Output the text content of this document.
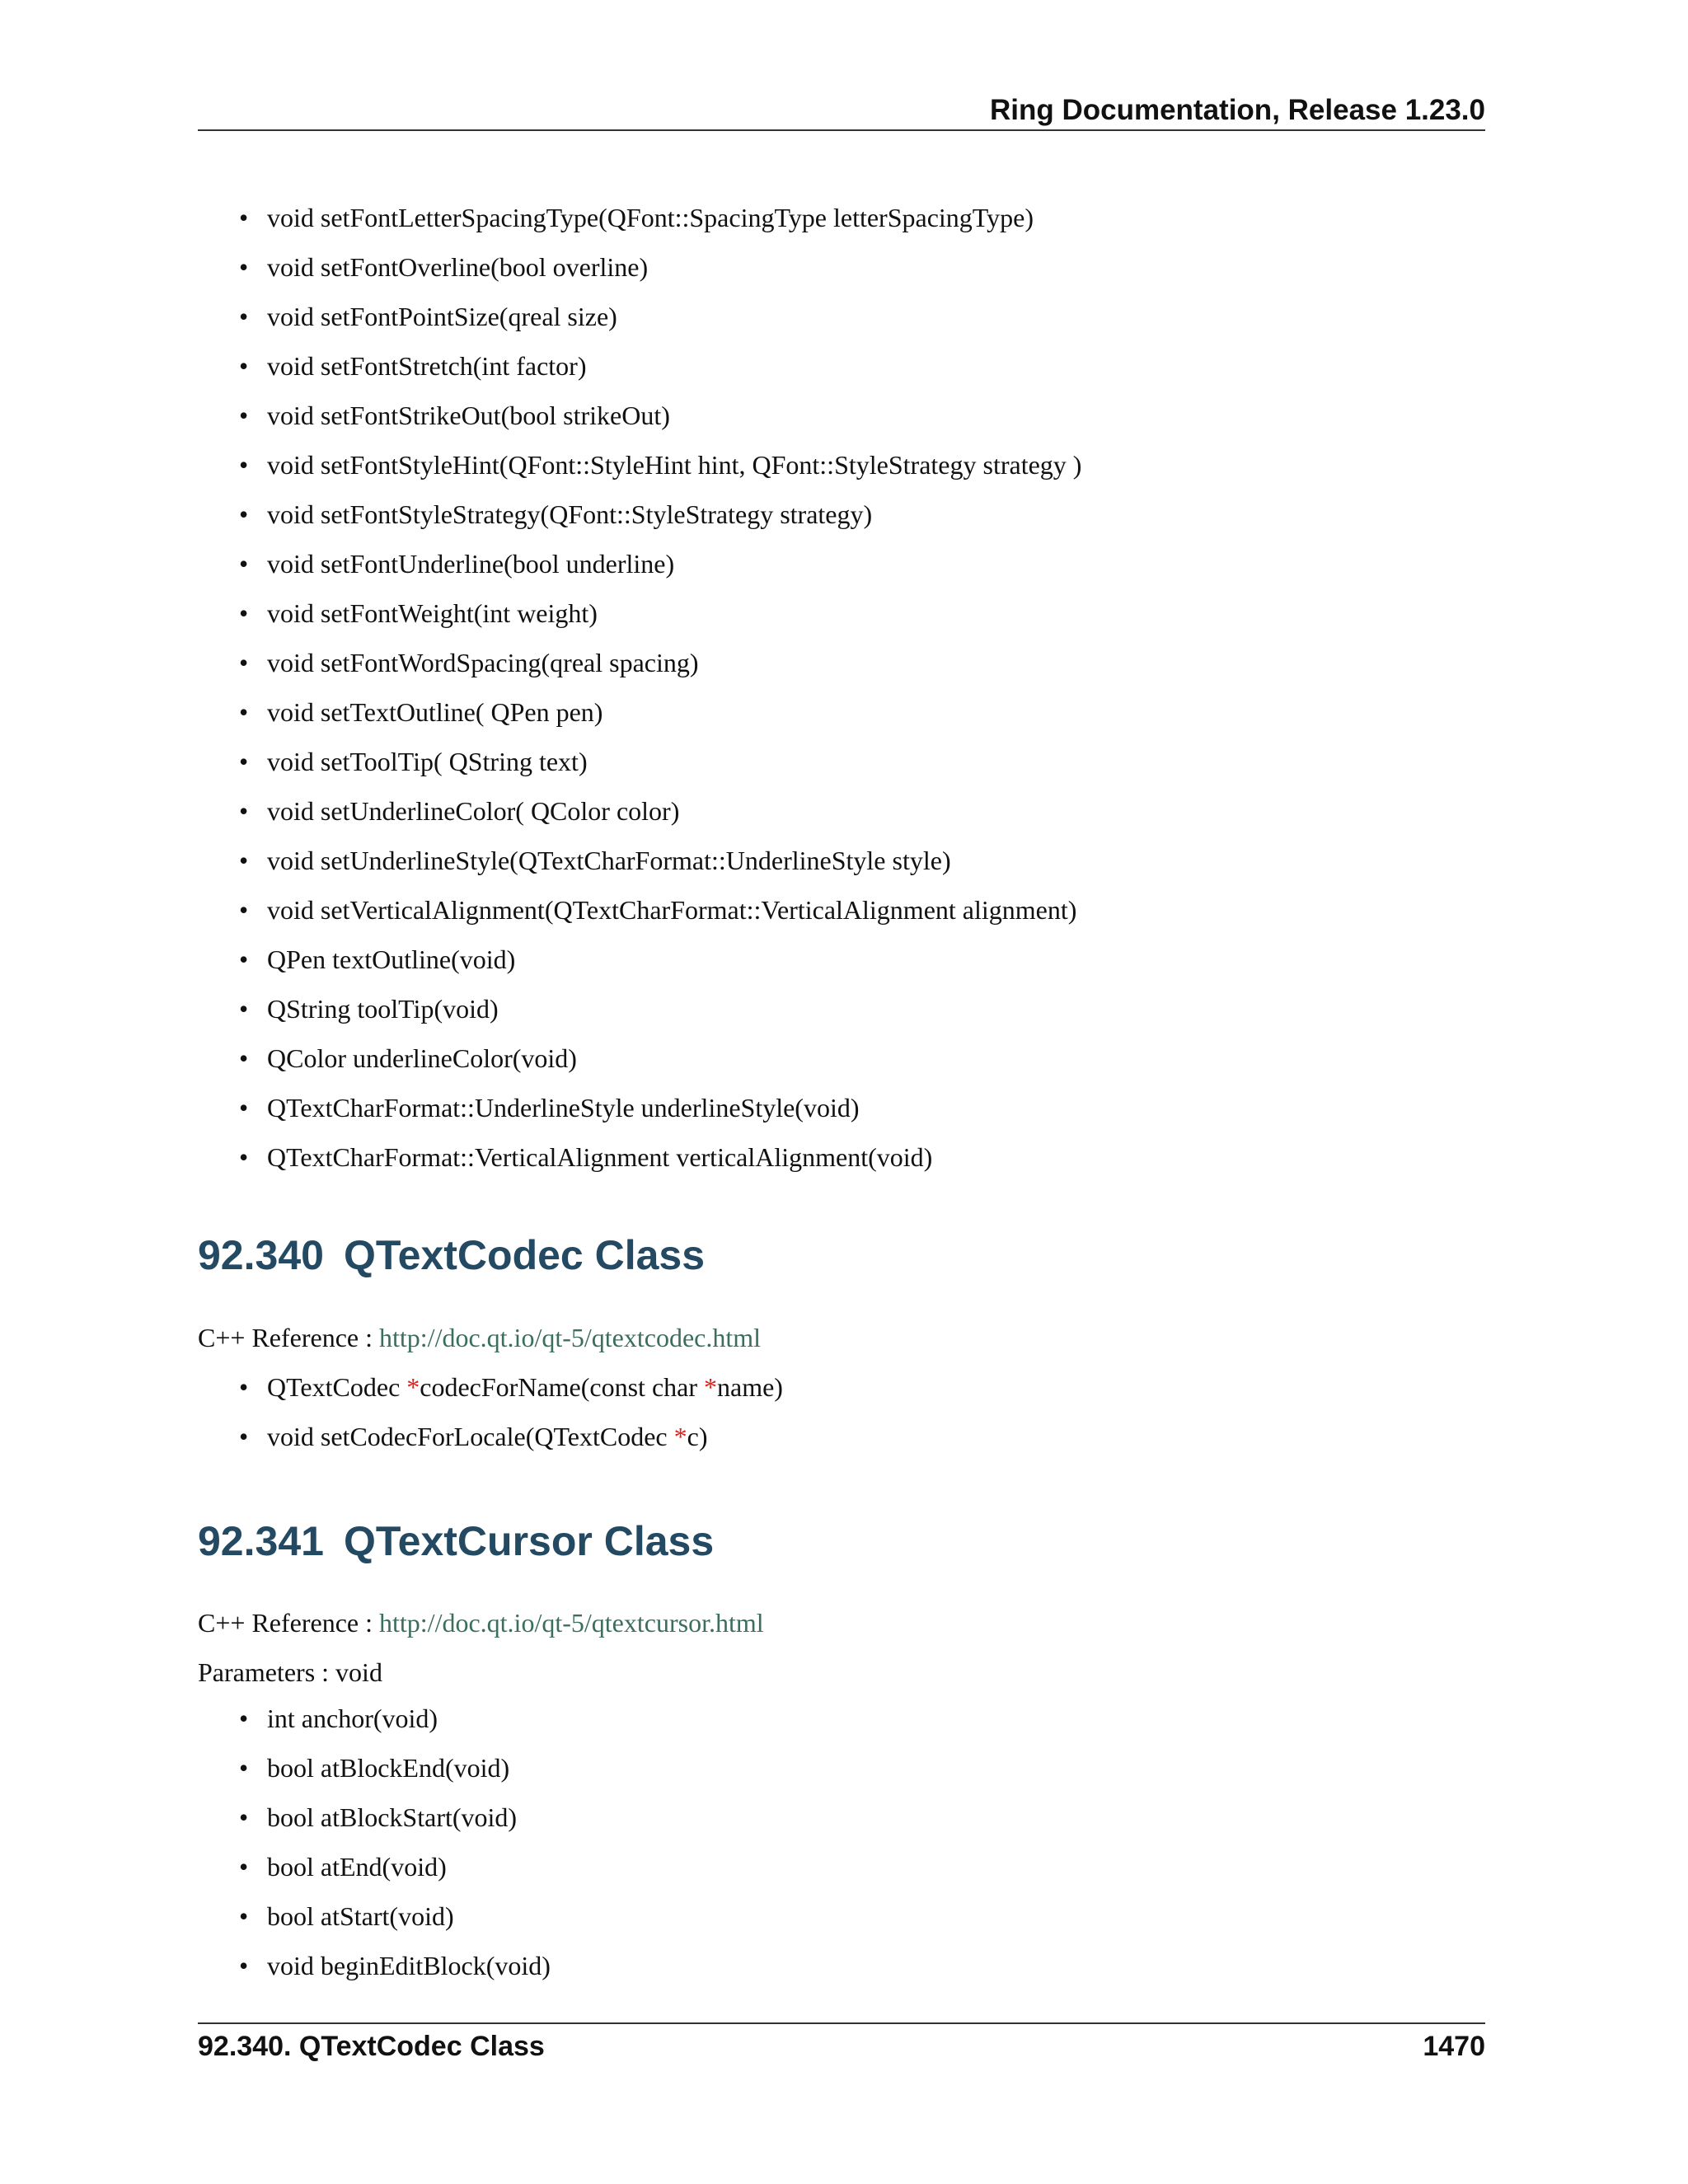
Ring Documentation, Release 1.23.0
• void setFontLetterSpacingType(QFont::SpacingType letterSpacingType)
• void setFontOverline(bool overline)
• void setFontPointSize(qreal size)
• void setFontStretch(int factor)
• void setFontStrikeOut(bool strikeOut)
• void setFontStyleHint(QFont::StyleHint hint, QFont::StyleStrategy strategy )
• void setFontStyleStrategy(QFont::StyleStrategy strategy)
• void setFontUnderline(bool underline)
• void setFontWeight(int weight)
• void setFontWordSpacing(qreal spacing)
• void setTextOutline( QPen pen)
• void setToolTip( QString text)
• void setUnderlineColor( QColor color)
• void setUnderlineStyle(QTextCharFormat::UnderlineStyle style)
• void setVerticalAlignment(QTextCharFormat::VerticalAlignment alignment)
• QPen textOutline(void)
• QString toolTip(void)
• QColor underlineColor(void)
• QTextCharFormat::UnderlineStyle underlineStyle(void)
• QTextCharFormat::VerticalAlignment verticalAlignment(void)
92.340 QTextCodec Class
C++ Reference : http://doc.qt.io/qt-5/qtextcodec.html
• QTextCodec *codecForName(const char *name)
• void setCodecForLocale(QTextCodec *c)
92.341 QTextCursor Class
C++ Reference : http://doc.qt.io/qt-5/qtextcursor.html
Parameters : void
• int anchor(void)
• bool atBlockEnd(void)
• bool atBlockStart(void)
• bool atEnd(void)
• bool atStart(void)
• void beginEditBlock(void)
92.340. QTextCodec Class	1470
